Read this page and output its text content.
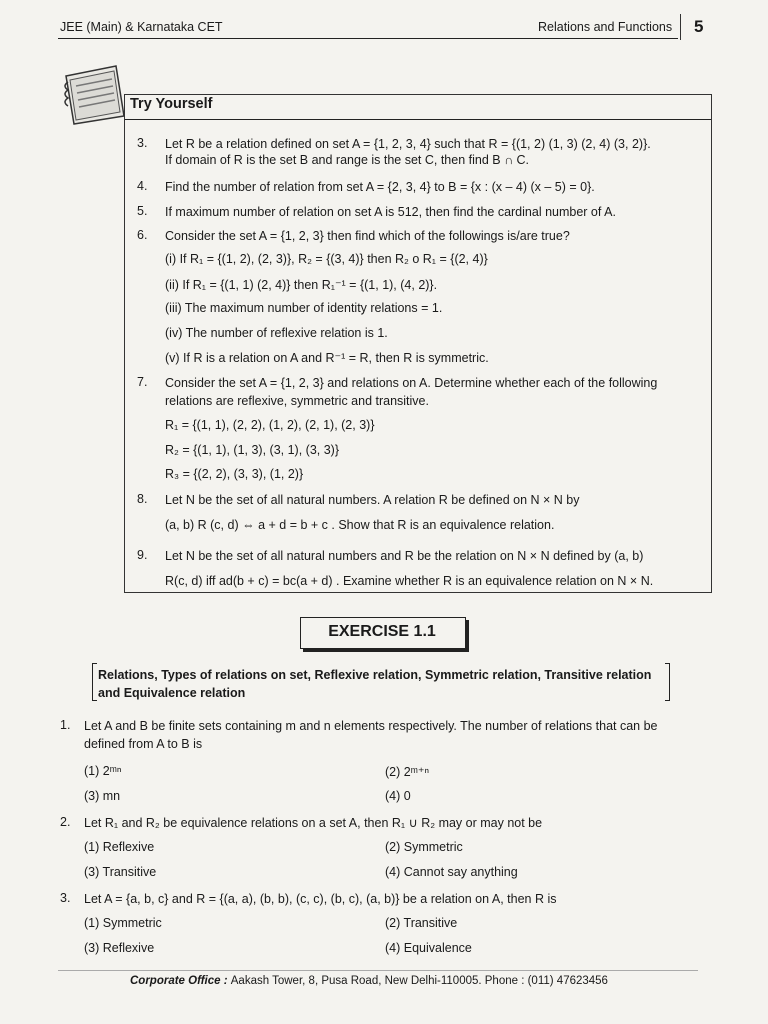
JEE (Main) & Karnataka CET	Relations and Functions 5
Try Yourself
3. Let R be a relation defined on set A = {1, 2, 3, 4} such that R = {(1, 2) (1, 3) (2, 4) (3, 2)}.
If domain of R is the set B and range is the set C, then find B ∩ C.
4. Find the number of relation from set A = {2, 3, 4} to B = {x : (x – 4) (x – 5) = 0}.
5. If maximum number of relation on set A is 512, then find the cardinal number of A.
6. Consider the set A = {1, 2, 3} then find which of the followings is/are true?
(i) If R₁ = {(1, 2), (2, 3)}, R₂ = {(3, 4)} then R₂ o R₁ = {(2, 4)}
(ii) If R₁ = {(1, 1) (2, 4)} then R₁⁻¹ = {(1, 1), (4, 2)}.
(iii) The maximum number of identity relations = 1.
(iv) The number of reflexive relation is 1.
(v) If R is a relation on A and R⁻¹ = R, then R is symmetric.
7. Consider the set A = {1, 2, 3} and relations on A. Determine whether each of the following
relations are reflexive, symmetric and transitive.
R₁ = {(1, 1), (2, 2), (1, 2), (2, 1), (2, 3)}
R₂ = {(1, 1), (1, 3), (3, 1), (3, 3)}
R₃ = {(2, 2), (3, 3), (1, 2)}
8. Let N be the set of all natural numbers. A relation R be defined on N × N by
(a, b) R (c, d) ⇔ a + d = b + c . Show that R is an equivalence relation.
9. Let N be the set of all natural numbers and R be the relation on N × N defined by (a, b)
R(c, d) iff ad(b + c) = bc(a + d) . Examine whether R is an equivalence relation on N × N.
EXERCISE 1.1
Relations, Types of relations on set, Reflexive relation, Symmetric relation, Transitive relation and Equivalence relation
1. Let A and B be finite sets containing m and n elements respectively. The number of relations that can be
defined from A to B is
(1) 2ᵐⁿ	(2) 2ᵐ⁺ⁿ
(3) mn	(4) 0
2. Let R₁ and R₂ be equivalence relations on a set A, then R₁ ∪ R₂ may or may not be
(1) Reflexive	(2) Symmetric
(3) Transitive	(4) Cannot say anything
3. Let A = {a, b, c} and R = {(a, a), (b, b), (c, c), (b, c), (a, b)} be a relation on A, then R is
(1) Symmetric	(2) Transitive
(3) Reflexive	(4) Equivalence
Corporate Office : Aakash Tower, 8, Pusa Road, New Delhi-110005. Phone : (011) 47623456
